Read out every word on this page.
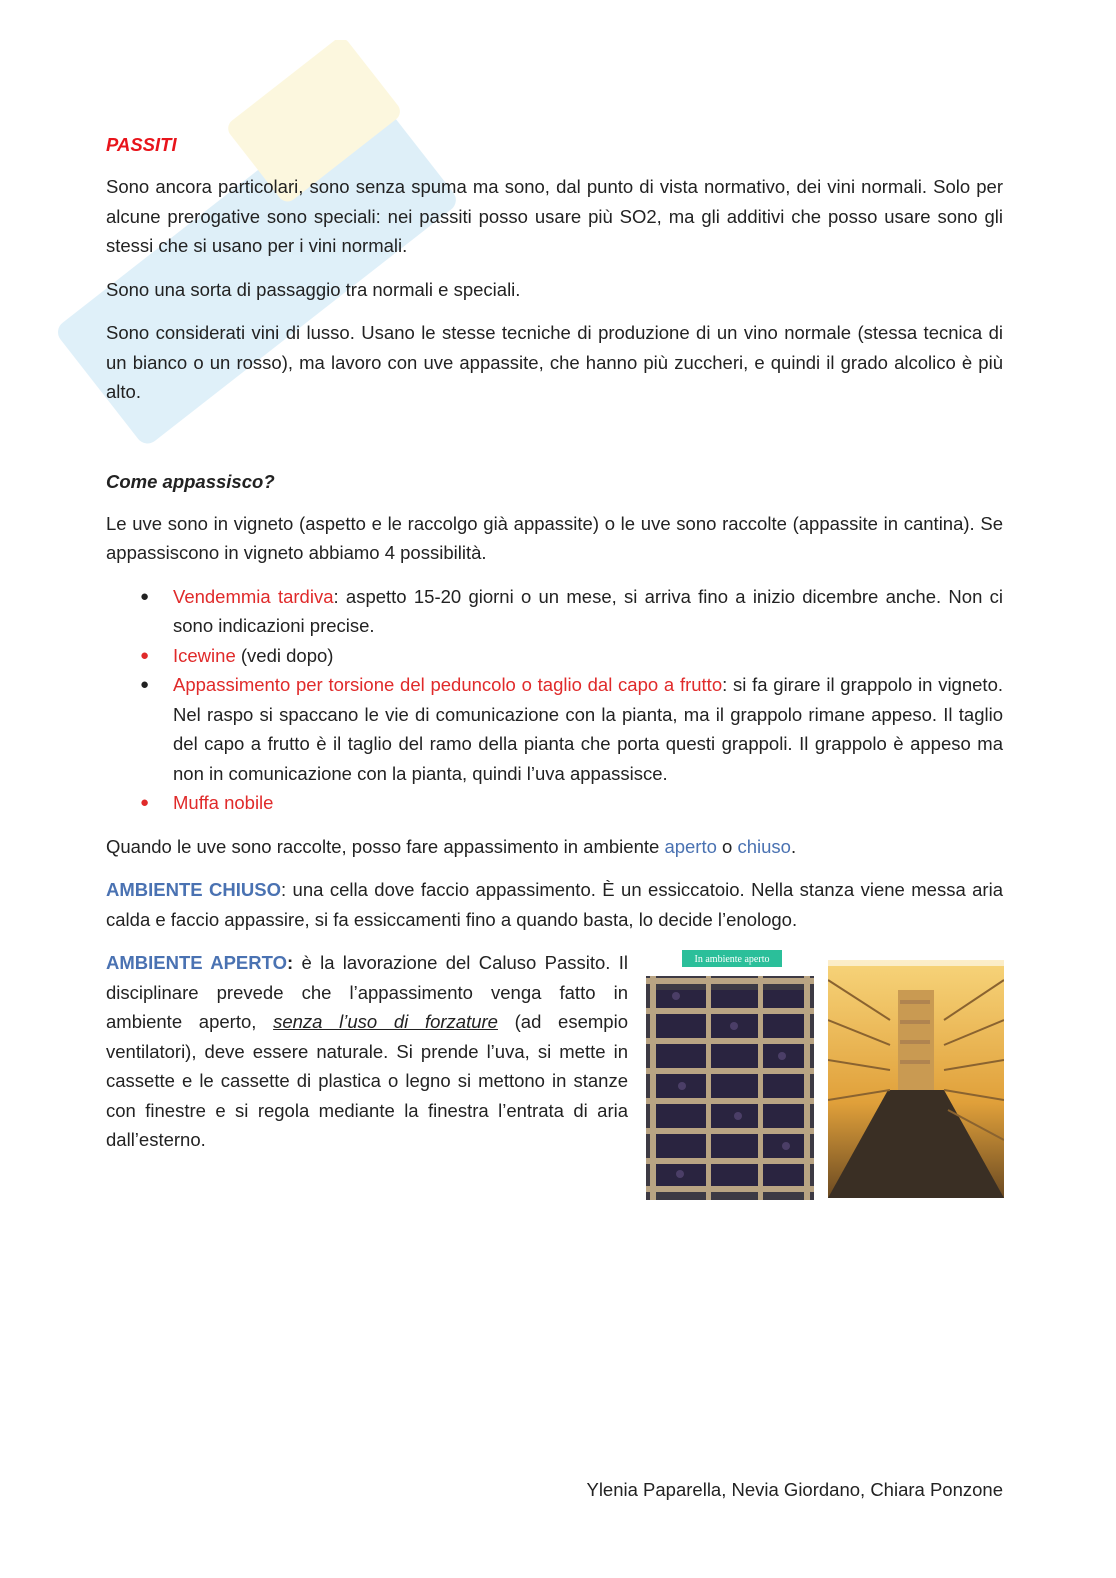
PASSITI

Sono ancora particolari, sono senza spuma ma sono, dal punto di vista normativo, dei vini normali. Solo per alcune prerogative sono speciali: nei passiti posso usare più SO2, ma gli additivi che posso usare sono gli stessi che si usano per i vini normali.

Sono una sorta di passaggio tra normali e speciali.

Sono considerati vini di lusso. Usano le stesse tecniche di produzione di un vino normale (stessa tecnica di un bianco o un rosso), ma lavoro con uve appassite, che hanno più zuccheri, e quindi il grado alcolico è più alto.

Come appassisco?

Le uve sono in vigneto (aspetto e le raccolgo già appassite) o le uve sono raccolte (appassite in cantina). Se appassiscono in vigneto abbiamo 4 possibilità.

● Vendemmia tardiva: aspetto 15-20 giorni o un mese, si arriva fino a inizio dicembre anche. Non ci sono indicazioni precise.
● Icewine (vedi dopo)
● Appassimento per torsione del peduncolo o taglio dal capo a frutto: si fa girare il grappolo in vigneto. Nel raspo si spaccano le vie di comunicazione con la pianta, ma il grappolo rimane appeso. Il taglio del capo a frutto è il taglio del ramo della pianta che porta questi grappoli. Il grappolo è appeso ma non in comunicazione con la pianta, quindi l’uva appassisce.
● Muffa nobile

Quando le uve sono raccolte, posso fare appassimento in ambiente aperto o chiuso.

AMBIENTE CHIUSO: una cella dove faccio appassimento. È un essiccatoio. Nella stanza viene messa aria calda e faccio appassire, si fa essiccamenti fino a quando basta, lo decide l’enologo.

AMBIENTE APERTO: è la lavorazione del Caluso Passito. Il disciplinare prevede che l’appassimento venga fatto in ambiente aperto, senza l’uso di forzature (ad esempio ventilatori), deve essere naturale. Si prende l’uva, si mette in cassette e le cassette di plastica o legno si mettono in stanze con finestre e si regola mediante la finestra l’entrata di aria dall’esterno.

In ambiente aperto
Ylenia Paparella, Nevia Giordano, Chiara Ponzone
